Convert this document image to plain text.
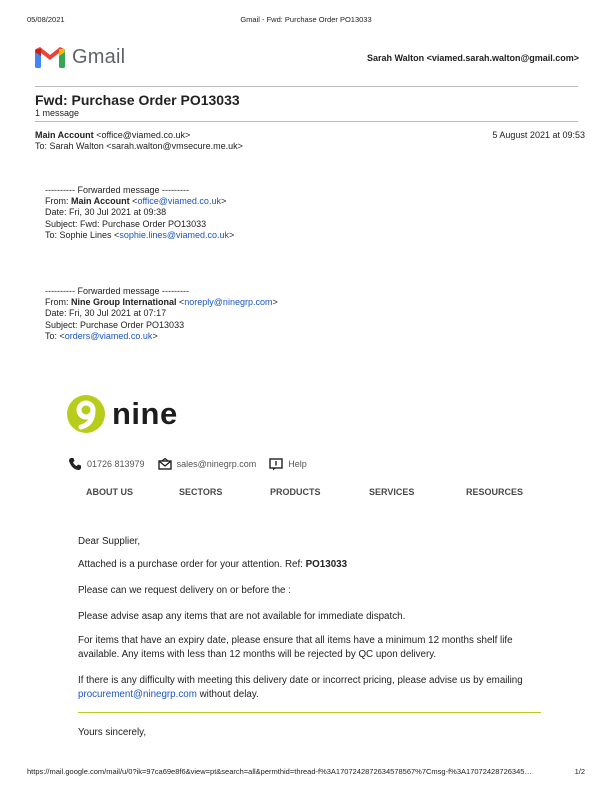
05/08/2021	Gmail - Fwd: Purchase Order PO13033
Gmail	Sarah Walton <viamed.sarah.walton@gmail.com>
Fwd: Purchase Order PO13033
1 message
Main Account <office@viamed.co.uk>	5 August 2021 at 09:53
To: Sarah Walton <sarah.walton@vmsecure.me.uk>
---------- Forwarded message ---------
From: Main Account <office@viamed.co.uk>
Date: Fri, 30 Jul 2021 at 09:38
Subject: Fwd: Purchase Order PO13033
To: Sophie Lines <sophie.lines@viamed.co.uk>
---------- Forwarded message ---------
From: Nine Group International <noreply@ninegrp.com>
Date: Fri, 30 Jul 2021 at 07:17
Subject: Purchase Order PO13033
To: <orders@viamed.co.uk>
nine
01726 813979	sales@ninegrp.com	Help
ABOUT US	SECTORS	PRODUCTS	SERVICES	RESOURCES
Dear Supplier,
Attached is a purchase order for your attention. Ref: PO13033
Please can we request delivery on or before the :
Please advise asap any items that are not available for immediate dispatch.
For items that have an expiry date, please ensure that all items have a minimum 12 months shelf life available. Any items with less than 12 months will be rejected by QC upon delivery.
If there is any difficulty with meeting this delivery date or incorrect pricing, please advise us by emailing procurement@ninegrp.com without delay.
Yours sincerely,
https://mail.google.com/mail/u/0?ik=97ca69e8f6&view=pt&search=all&permthid=thread-f%3A1707242872634578567%7Cmsg-f%3A17072428726345…	1/2
